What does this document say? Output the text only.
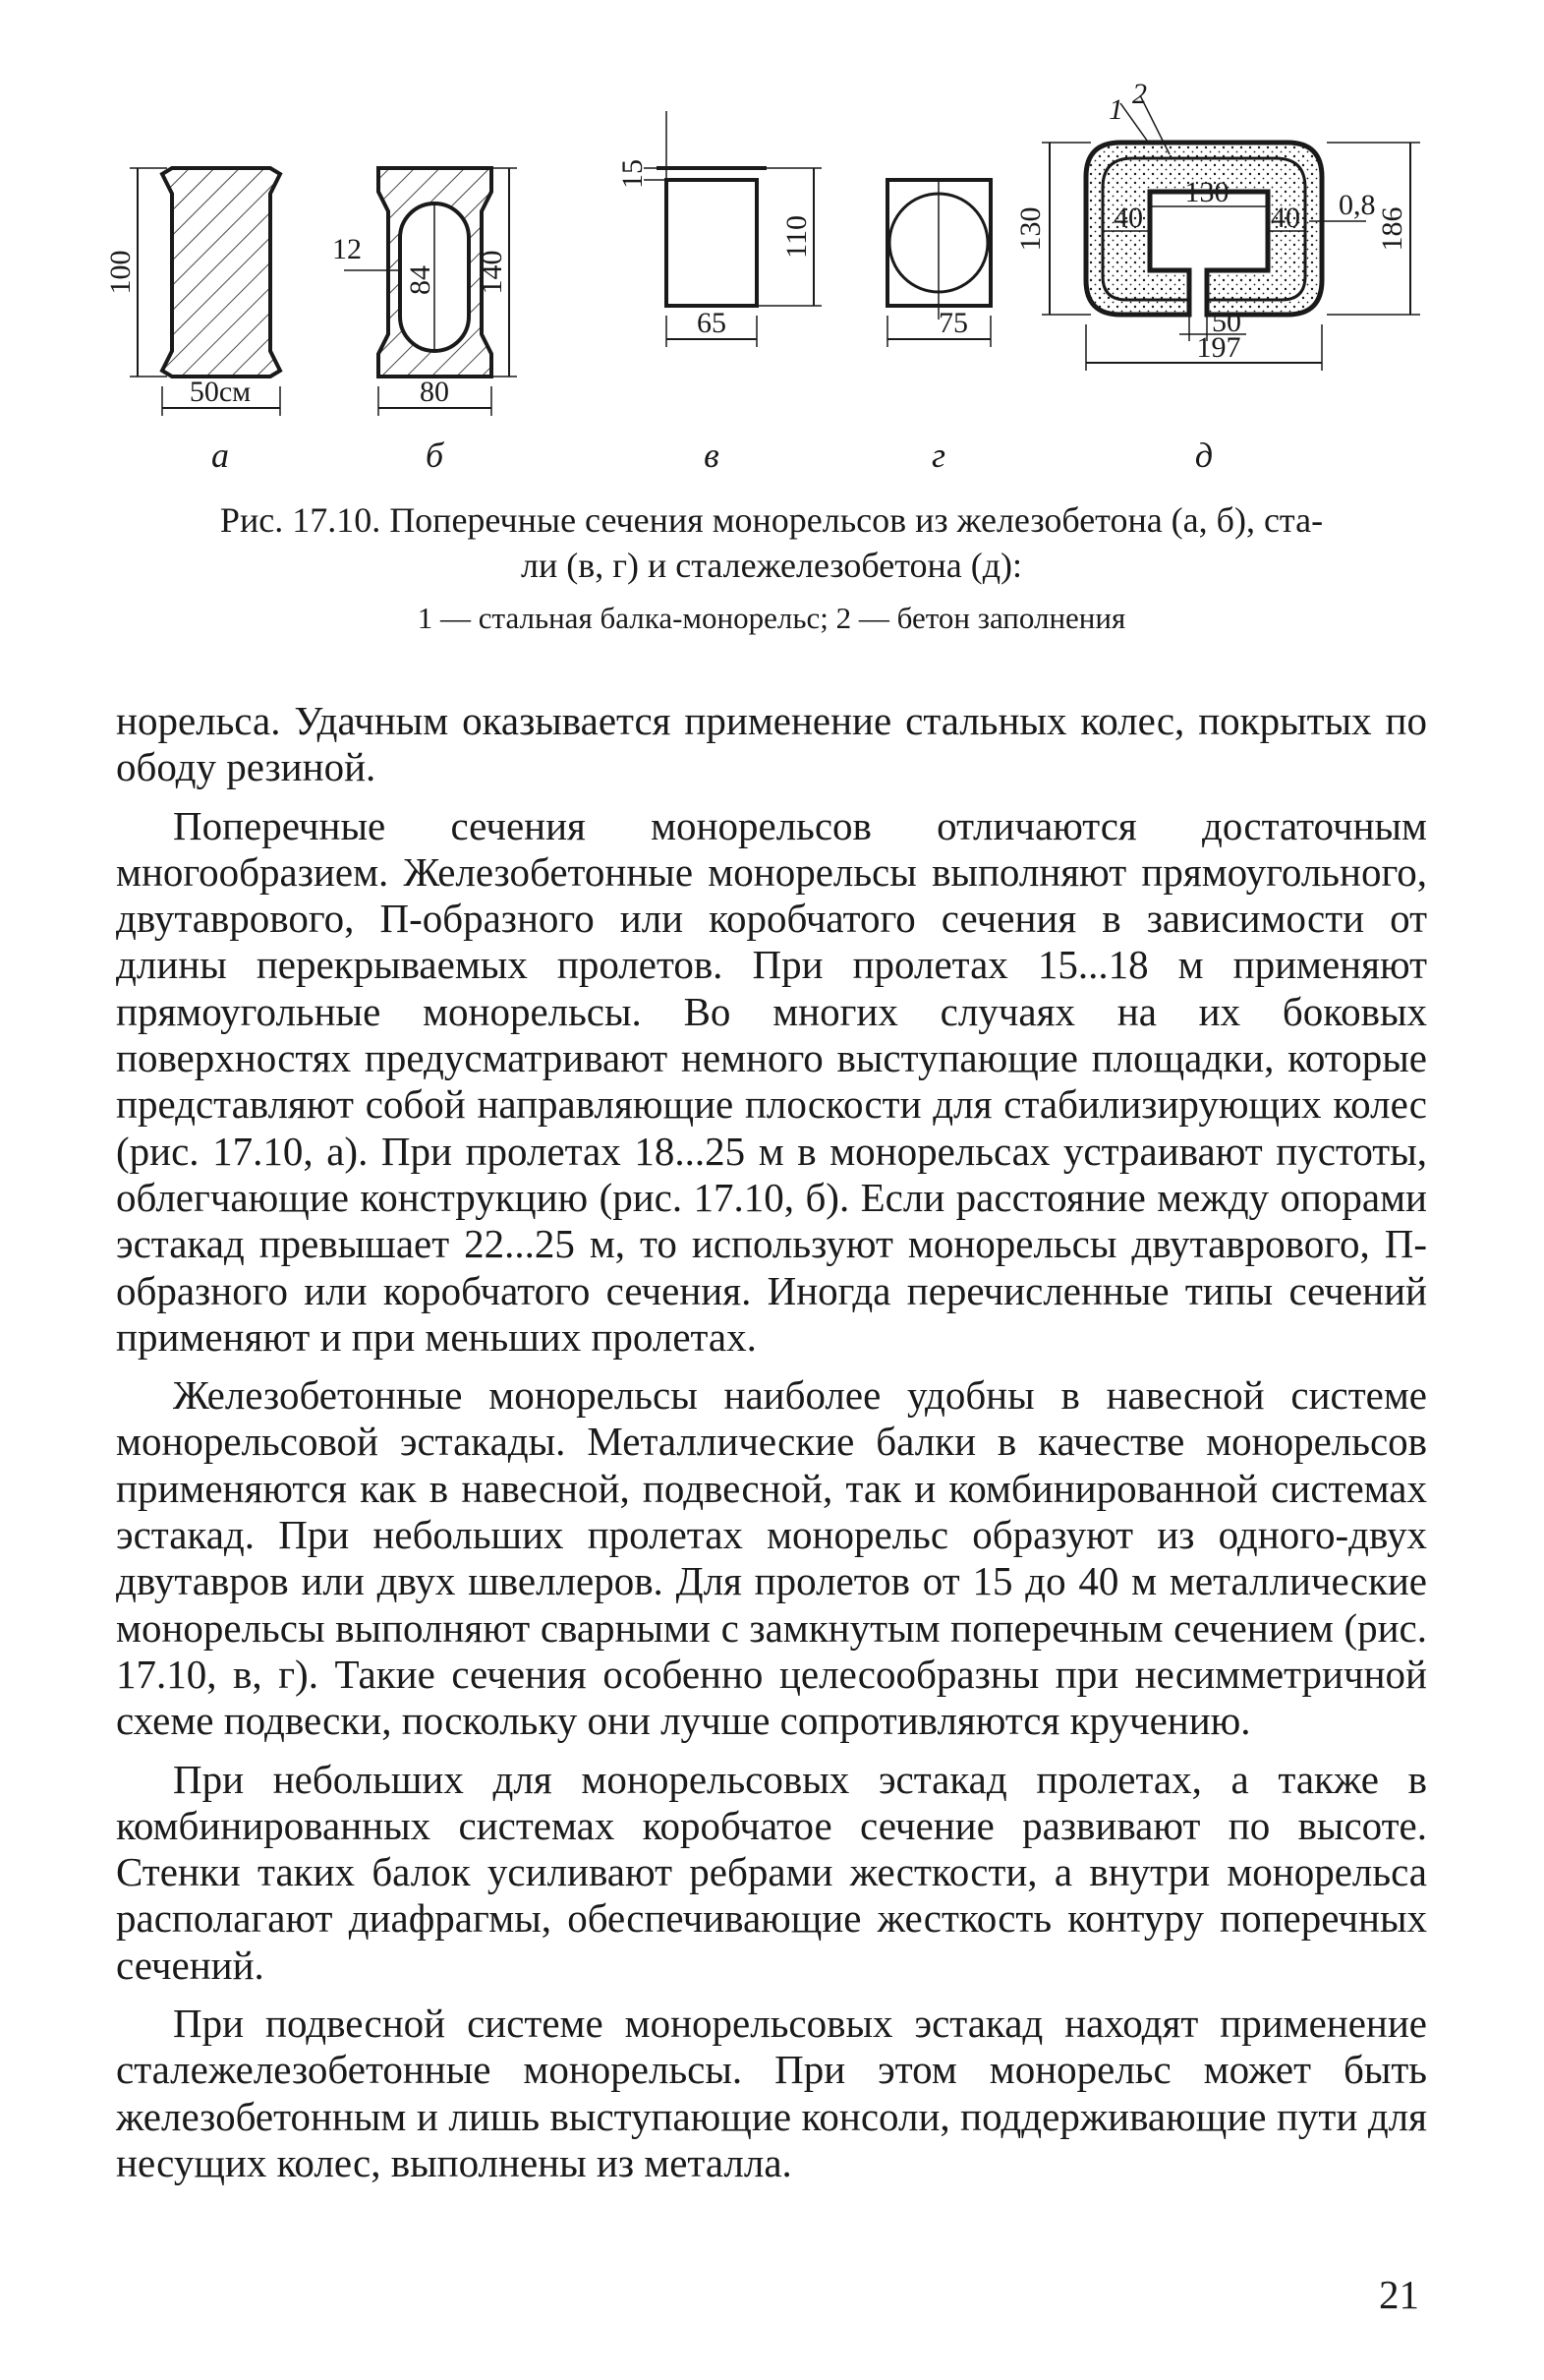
100
50см
а
12
84 140
80
б
15
110
65
в
75
г
1 2
130
130 40	40 0,8
186
50
197
д
Рис. 17.10. Поперечные сечения монорельсов из железобетона (а, б), ста-
ли (в, г) и сталежелезобетона (д):
1 — стальная балка-монорельс; 2 — бетон заполнения

норельса. Удачным оказывается применение стальных колес, покрытых по ободу резиной.

Поперечные сечения монорельсов отличаются достаточным многообразием. Железобетонные монорельсы выполняют прямоугольного, двутаврового, П-образного или коробчатого сечения в зависимости от длины перекрываемых пролетов. При пролетах 15...18 м применяют прямоугольные монорельсы. Во многих случаях на их боковых поверхностях предусматривают немного выступающие площадки, которые представляют собой направляющие плоскости для стабилизирующих колес (рис. 17.10, а). При пролетах 18...25 м в монорельсах устраивают пустоты, облегчающие конструкцию (рис. 17.10, б). Если расстояние между опорами эстакад превышает 22...25 м, то используют монорельсы двутаврового, П-образного или коробчатого сечения. Иногда перечисленные типы сечений применяют и при меньших пролетах.

Железобетонные монорельсы наиболее удобны в навесной системе монорельсовой эстакады. Металлические балки в качестве монорельсов применяются как в навесной, подвесной, так и комбинированной системах эстакад. При небольших пролетах монорельс образуют из одного-двух двутавров или двух швеллеров. Для пролетов от 15 до 40 м металлические монорельсы выполняют сварными с замкнутым поперечным сечением (рис. 17.10, в, г). Такие сечения особенно целесообразны при несимметричной схеме подвески, поскольку они лучше сопротивляются кручению.

При небольших для монорельсовых эстакад пролетах, а также в комбинированных системах коробчатое сечение развивают по высоте. Стенки таких балок усиливают ребрами жесткости, а внутри монорельса располагают диафрагмы, обеспечивающие жесткость контуру поперечных сечений.

При подвесной системе монорельсовых эстакад находят применение сталежелезобетонные монорельсы. При этом монорельс может быть железобетонным и лишь выступающие консоли, поддерживающие пути для несущих колес, выполнены из металла.

21
